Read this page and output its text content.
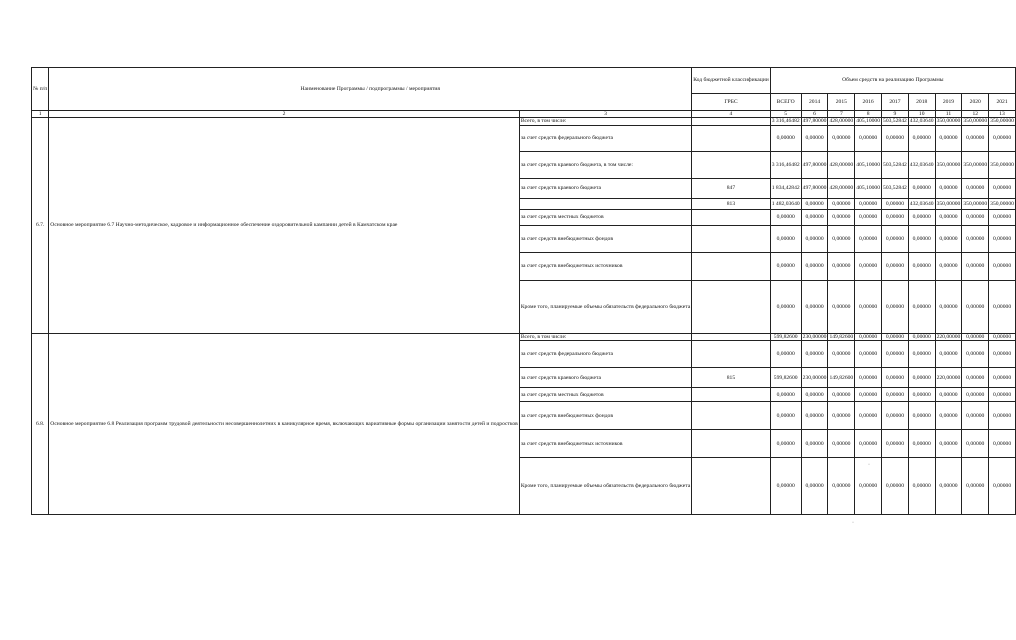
№ п/п	Наименование Программы / подпрограммы / мероприятия		Код бюджетной классификации	Объем средств на реализацию Программы								
			ГРБС	ВСЕГО	2014	2015	2016	2017	2018	2019	2020	2021
1	2	3	4	5	6	7	8	9	10	11	12	13
6.7.	Основное мероприятие 6.7 Научно-методическое, кадровое и информационное обеспечение оздоровительной кампании детей в Камчатском крае	Всего, в том числе:		3 316,46482	497,80000	428,00000	405,10000	503,52842	432,03640	350,00000	350,00000	350,00000
		за счет средств федерального бюджета		0,00000	0,00000	0,00000	0,00000	0,00000	0,00000	0,00000	0,00000	0,00000
		за счет средств краевого бюджета, в том числе:		3 316,46482	497,80000	428,00000	405,10000	503,52842	432,03640	350,00000	350,00000	350,00000
		за счет средств краевого бюджета	847	1 834,42842	497,80000	428,00000	405,10000	503,52842	0,00000	0,00000	0,00000	0,00000
			813	1 482,03640	0,00000	0,00000	0,00000	0,00000	432,03640	350,00000	350,00000	350,00000
		за счет средств местных бюджетов		0,00000	0,00000	0,00000	0,00000	0,00000	0,00000	0,00000	0,00000	0,00000
		за счет средств внебюджетных фондов		0,00000	0,00000	0,00000	0,00000	0,00000	0,00000	0,00000	0,00000	0,00000
		за счет средств внебюджетных источников		0,00000	0,00000	0,00000	0,00000	0,00000	0,00000	0,00000	0,00000	0,00000
		Кроме того, планируемые объемы обязательств федерального бюджета		0,00000	0,00000	0,00000	0,00000	0,00000	0,00000	0,00000	0,00000	0,00000
6.8.	Основное мероприятие 6.8 Реализация программ трудовой деятельности несовершеннолетних в каникулярное время, включающих вариативные формы организации занятости детей и подростков	Всего, в том числе:		599,82600	230,00000	149,82600	0,00000	0,00000	0,00000	220,00000	0,00000	0,00000
		за счет средств федерального бюджета		0,00000	0,00000	0,00000	0,00000	0,00000	0,00000	0,00000	0,00000	0,00000
		за счет средств краевого бюджета	815	599,82600	230,00000	149,82600	0,00000	0,00000	0,00000	220,00000	0,00000	0,00000
		за счет средств местных бюджетов		0,00000	0,00000	0,00000	0,00000	0,00000	0,00000	0,00000	0,00000	0,00000
		за счет средств внебюджетных фондов		0,00000	0,00000	0,00000	0,00000	0,00000	0,00000	0,00000	0,00000	0,00000
		за счет средств внебюджетных источников		0,00000	0,00000	0,00000	0,00000	0,00000	0,00000	0,00000	0,00000	0,00000
		Кроме того, планируемые объемы обязательств федерального бюджета		0,00000	0,00000	0,00000	0,00000	0,00000	0,00000	0,00000	0,00000	0,00000
·
·
